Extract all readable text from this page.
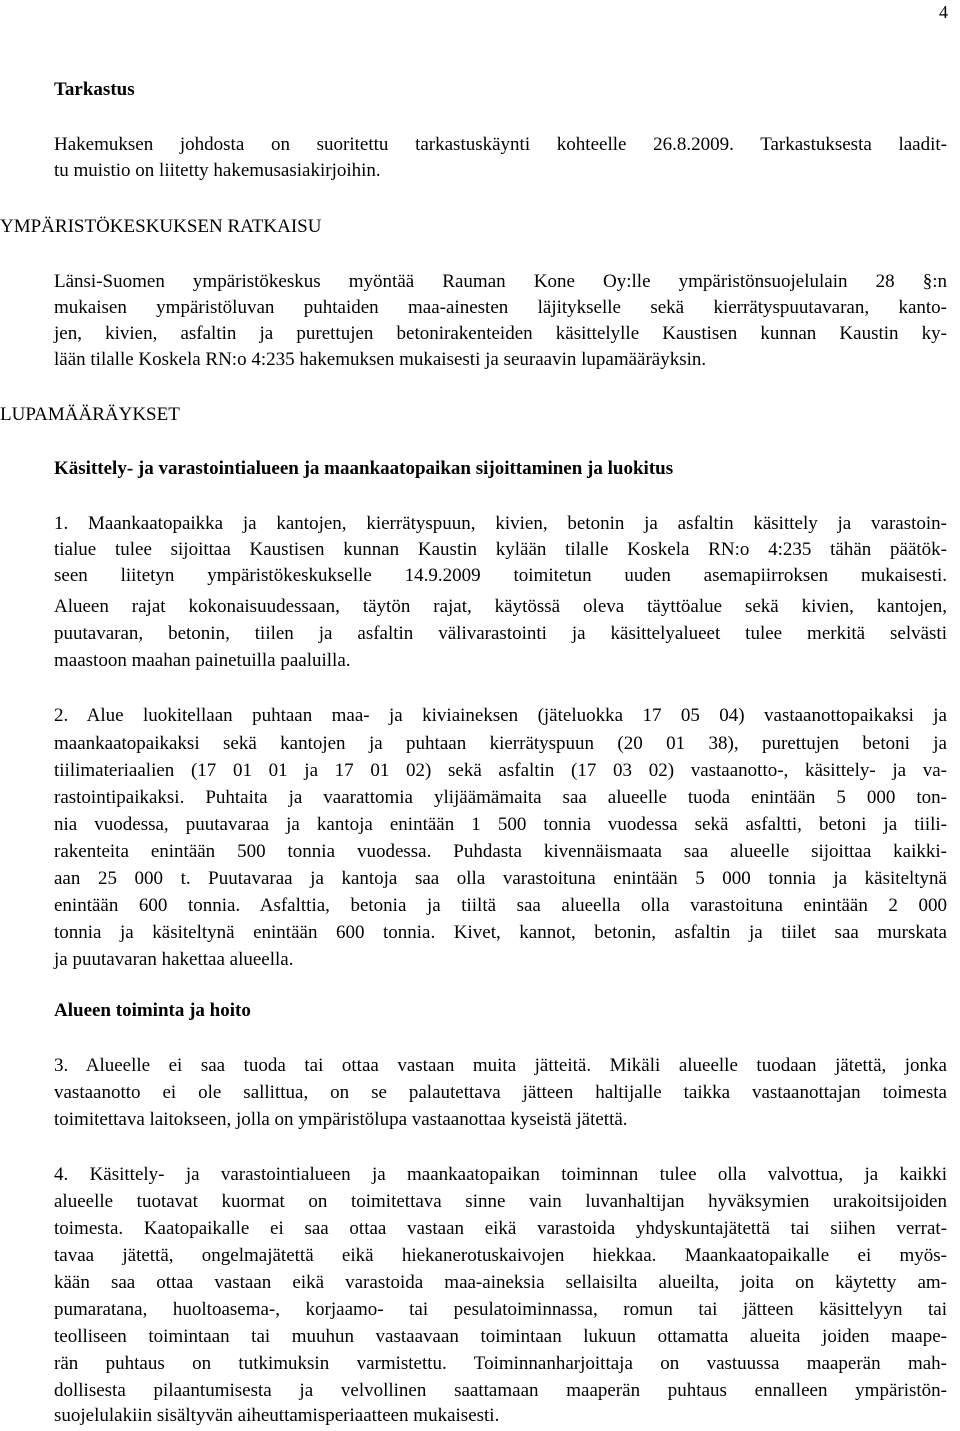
4
Tarkastus
Hakemuksen johdosta on suoritettu tarkastuskäynti kohteelle 26.8.2009. Tarkastuksesta laadit-
tu muistio on liitetty hakemusasiakirjoihin.
YMPÄRISTÖKESKUKSEN RATKAISU
Länsi-Suomen ympäristökeskus myöntää Rauman Kone Oy:lle ympäristönsuojelulain 28 §:n
mukaisen ympäristöluvan puhtaiden maa-ainesten läjitykselle sekä kierrätyspuutavaran, kanto-
jen, kivien, asfaltin ja purettujen betonirakenteiden käsittelylle Kaustisen kunnan Kaustin ky-
lään tilalle Koskela RN:o 4:235 hakemuksen mukaisesti ja seuraavin lupamääräyksin.
LUPAMÄÄRÄYKSET
Käsittely- ja varastointialueen ja maankaatopaikan sijoittaminen ja luokitus
1. Maankaatopaikka ja kantojen, kierrätyspuun, kivien, betonin ja asfaltin käsittely ja varastoin-
tialue tulee sijoittaa Kaustisen kunnan Kaustin kylään tilalle Koskela RN:o 4:235 tähän päätök-
seen liitetyn ympäristökeskukselle 14.9.2009 toimitetun uuden asemapiirroksen mukaisesti.
Alueen rajat kokonaisuudessaan, täytön rajat, käytössä oleva täyttöalue sekä kivien, kantojen,
puutavaran, betonin, tiilen ja asfaltin välivarastointi ja käsittelyalueet tulee merkitä selvästi
maastoon maahan painetuilla paaluilla.
2. Alue luokitellaan puhtaan maa- ja kiviaineksen (jäteluokka 17 05 04) vastaanottopaikaksi ja
maankaatopaikaksi sekä kantojen ja puhtaan kierrätyspuun (20 01 38), purettujen betoni ja
tiilimateriaalien (17 01 01 ja 17 01 02) sekä asfaltin (17 03 02) vastaanotto-, käsittely- ja va-
rastointipaikaksi. Puhtaita ja vaarattomia ylijäämämaita saa alueelle tuoda enintään 5 000 ton-
nia vuodessa, puutavaraa ja kantoja enintään 1 500 tonnia vuodessa sekä asfaltti, betoni ja tiili-
rakenteita enintään 500 tonnia vuodessa. Puhdasta kivennäismaata saa alueelle sijoittaa kaikki-
aan 25 000 t. Puutavaraa ja kantoja saa olla varastoituna enintään 5 000 tonnia ja käsiteltynä
enintään 600 tonnia. Asfalttia, betonia ja tiiltä saa alueella olla varastoituna enintään 2 000
tonnia ja käsiteltynä enintään 600 tonnia. Kivet, kannot, betonin, asfaltin ja tiilet saa murskata
ja puutavaran hakettaa alueella.
Alueen toiminta ja hoito
3. Alueelle ei saa tuoda tai ottaa vastaan muita jätteitä. Mikäli alueelle tuodaan jätettä, jonka
vastaanotto ei ole sallittua, on se palautettava jätteen haltijalle taikka vastaanottajan toimesta
toimitettava laitokseen, jolla on ympäristölupa vastaanottaa kyseistä jätettä.
4. Käsittely- ja varastointialueen ja maankaatopaikan toiminnan tulee olla valvottua, ja kaikki
alueelle tuotavat kuormat on toimitettava sinne vain luvanhaltijan hyväksymien urakoitsijoiden
toimesta. Kaatopaikalle ei saa ottaa vastaan eikä varastoida yhdyskuntajätettä tai siihen verrat-
tavaa jätettä, ongelmajätettä eikä hiekanerotuskaivojen hiekkaa. Maankaatopaikalle ei myös-
kään saa ottaa vastaan eikä varastoida maa-aineksia sellaisilta alueilta, joita on käytetty am-
pumaratana, huoltoasema-, korjaamo- tai pesulatoiminnassa, romun tai jätteen käsittelyyn tai
teolliseen toimintaan tai muuhun vastaavaan toimintaan lukuun ottamatta alueita joiden maape-
rän puhtaus on tutkimuksin varmistettu. Toiminnanharjoittaja on vastuussa maaperän mah-
dollisesta pilaantumisesta ja velvollinen saattamaan maaperän puhtaus ennalleen ympäristön-
suojelulakiin sisältyvän aiheuttamisperiaatteen mukaisesti.
